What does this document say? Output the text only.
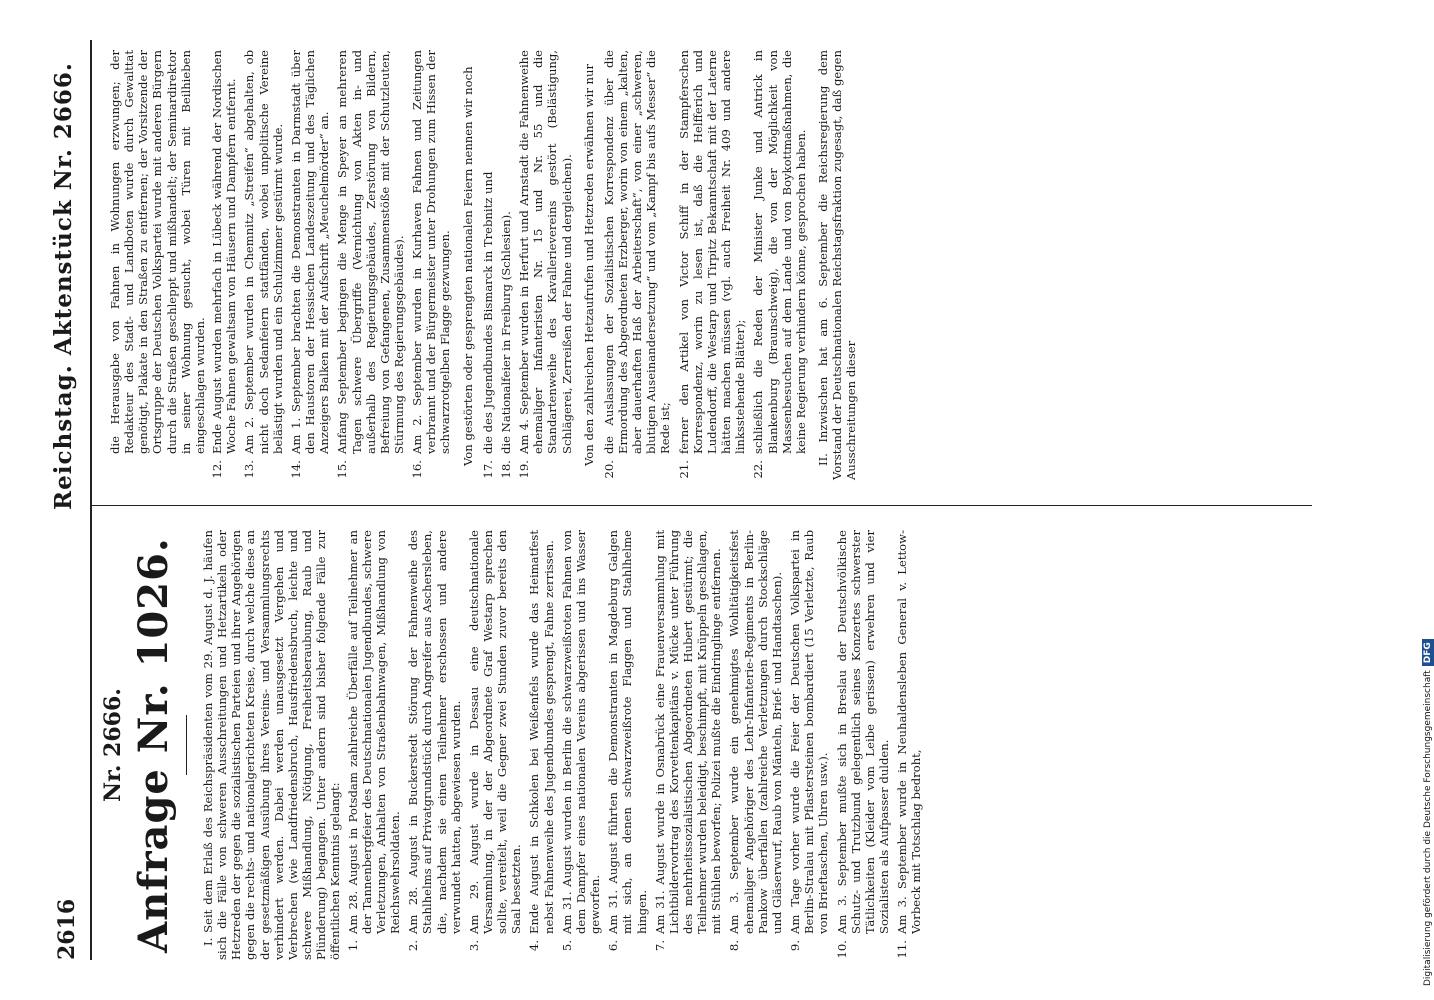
2616
Reichstag. Aktenstück Nr. 2666.
Nr. 2666. Anfrage Nr. 1026. I. Seit dem Erlaß des Reichspräsidenten vom 29. August d. J. häufen sich die Fälle von schweren Ausschreitungen und Hetzartikeln oder Hetzreden der gegen die sozialistischen Parteien und ihrer Angehörigen gegen die rechts- und nationalgerichteten Kreise, durch welche diese an der gesetzmäßigen Ausübung ihres Vereins- und Versammlungsrechts verhindert werden. Dabei werden unausgesetzt Vergehen und Verbrechen (wie Landfriedensbruch, Hausfriedensbruch, leichte und schwere Mißhandlung, Nötigung, Freiheitsberaubung, Raub und Plünderung) begangen. Unter andern sind bisher folgende Fälle zur öffentlichen Kenntnis gelangt: 1.
Am 28. August in Potsdam zahlreiche Überfälle auf Teilnehmer an der Tannenbergfeier des Deutschnationalen Jugendbundes, schwere Verletzungen, Anhalten von Straßenbahnwagen, Mißhandlung von Reichswehrsoldaten.
2.
Am 28. August in Buckerstedt Störung der Fahnenweihe des Stahlhelms auf Privatgrundstück durch Angreifer aus Aschersleben, die, nachdem sie einen Teilnehmer erschossen und andere verwundet hatten, abgewiesen wurden.
3.
Am 29. August wurde in Dessau eine deutschnationale Versammlung, in der der Abgeordnete Graf Westarp sprechen sollte, vereitelt, weil die Gegner zwei Stunden zuvor bereits den Saal besetzten.
4.
Ende August in Schkolen bei Weißenfels wurde das Heimatfest nebst Fahnenweihe des Jugendbundes gesprengt, Fahne zerrissen.
5.
Am 31. August wurden in Berlin die schwarzweißroten Fahnen von dem Dampfer eines nationalen Vereins abgerissen und ins Wasser geworfen.
6.
Am 31. August führten die Demonstranten in Magdeburg Galgen mit sich, an denen schwarzweißrote Flaggen und Stahlhelme hingen.
7.
Am 31. August wurde in Osnabrück eine Frauenversammlung mit Lichtbildervortrag des Korvettenkapitäns v. Mücke unter Führung des mehrheitssozialistischen Abgeordneten Hubert gestürmt; die Teilnehmer wurden beleidigt, beschimpft, mit Knüppeln geschlagen, mit Stühlen beworfen; Polizei mußte die Eindringlinge entfernen.
8.
Am 3. September wurde ein genehmigtes Wohltätigkeitsfest ehemaliger Angehöriger des Lehr-Infanterie-Regiments in Berlin-Pankow überfallen (zahlreiche Verletzungen durch Stockschläge und Gläserwurf, Raub von Mänteln, Brief- und Handtaschen).
9.
Am Tage vorher wurde die Feier der Deutschen Volkspartei in Berlin-Stralau mit Pflastersteinen bombardiert (15 Verletzte, Raub von Brieftaschen, Uhren usw.).
10.
Am 3. September mußte sich in Breslau der Deutschvölkische Schutz- und Trutzbund gelegentlich seines Konzertes schwerster Tätlichkeiten (Kleider vom Leibe gerissen) erwehren und vier Sozialisten als Aufpasser dulden.
11.
Am 3. September wurde in Neuhaldensleben General v. Lettow-Vorbeck mit Totschlag bedroht,

die Herausgabe von Fahnen in Wohnungen erzwungen; der Redakteur des Stadt- und Landboten wurde durch Gewalttat genötigt, Plakate in den Straßen zu entfernen; der Vorsitzende der Ortsgruppe der Deutschen Volkspartei wurde mit anderen Bürgern durch die Straßen geschleppt und mißhandelt; der Seminardirektor in seiner Wohnung gesucht, wobei Türen mit Beilhieben eingeschlagen wurden.

12.
Ende August wurden mehrfach in Lübeck während der Nordischen Woche Fahnen gewaltsam von Häusern und Dampfern entfernt.
13.
Am 2. September wurden in Chemnitz „Streifen“ abgehalten, ob nicht doch Sedanfeiern stattfänden, wobei unpolitische Vereine belästigt wurden und ein Schulzimmer gestürmt wurde.
14.
Am 1. September brachten die Demonstranten in Darmstadt über den Haustoren der Hessischen Landeszeitung und des Täglichen Anzeigers Balken mit der Aufschrift „Meuchelmörder“ an.
15.
Anfang September begingen die Menge in Speyer an mehreren Tagen schwere Übergriffe (Vernichtung von Akten in- und außerhalb des Regierungsgebäudes, Zerstörung von Bildern, Befreiung von Gefangenen, Zusammenstöße mit der Schutzleuten, Stürmung des Regierungsgebäudes).
16.
Am 2. September wurden in Kurhaven Fahnen und Zeitungen verbrannt und der Bürgermeister unter Drohungen zum Hissen der schwarzrotgelben Flagge gezwungen. Von gestörten oder gesprengten nationalen Feiern nennen wir noch

17.
die des Jugendbundes Bismarck in Trebnitz und
18.
die Nationalfeier in Freiburg (Schlesien).
19.
Am 4. September wurden in Herfurt und Arnstadt die Fahnenweihe ehemaliger Infanteristen Nr. 15 und Nr. 55 und die Standartenweihe des Kavallerievereins gestört (Belästigung, Schlägerei, Zerreißen der Fahne und dergleichen). Von den zahlreichen Hetzaufrufen und Hetzreden erwähnen wir nur

20.
die Auslassungen der Sozialistischen Korrespondenz über die Ermordung des Abgeordneten Erzberger, worin von einem „kalten, aber dauerhaften Haß der Arbeiterschaft“, von einer „schweren, blutigen Auseinandersetzung“ und vom „Kampf bis aufs Messer“ die Rede ist;
21.
ferner den Artikel von Victor Schiff in der Stampferschen Korrespondenz, worin zu lesen ist, daß die Helfferich und Ludendorff, die Westarp und Tirpitz Bekanntschaft mit der Laterne hätten machen müssen (vgl. auch Freiheit Nr. 409 und andere linksstehende Blätter);
22.
schließlich die Reden der Minister Junke und Antrick in Blankenburg (Braunschweig), die von der Möglichkeit von Massenbesuchen auf dem Lande und von Boykottmaßnahmen, die keine Regierung verhindern könne, gesprochen haben. II. Inzwischen hat am 6. September die Reichsregierung dem Vorstand der Deutschnationalen Reichstagsfraktion zugesagt, daß gegen Ausschreitungen dieser

Digitalisierung gefördert durch die Deutsche ForschungsgemeinschaftDFG
